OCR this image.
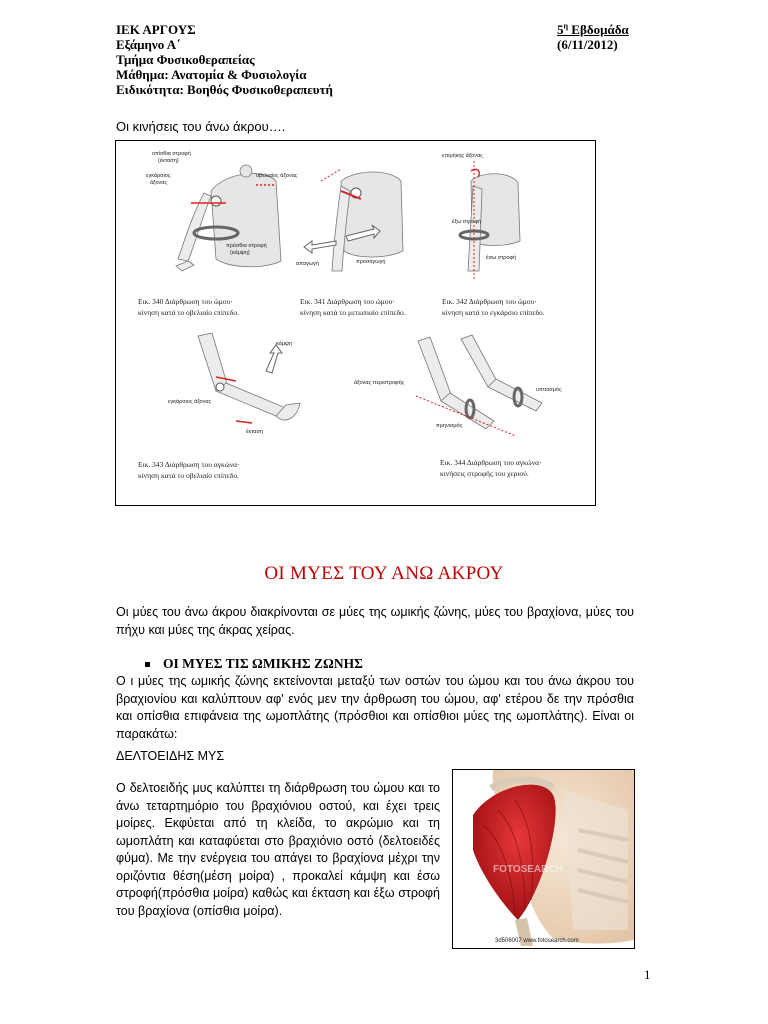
ΙΕΚ ΑΡΓΟΥΣ
Εξάμηνο Α΄
Τμήμα Φυσικοθεραπείας
Μάθημα: Ανατομία & Φυσιολογία
Ειδικότητα: Βοηθός Φυσικοθεραπευτή
$5^\eta$ Εβδομάδα
(6/11/2012)
Οι κινήσεις του άνω άκρου….
οπίσθια στροφή
(έκταση)
εγκάρσιος
άξονας
οβελιαίος άξονας
πρόσθια στροφή
(κάμψη)
Εικ. 340 Διάρθρωση του ώμου·
κίνηση κατά το οβελιαίο επίπεδο.
απαγωγή	προσαγωγή
Εικ. 341 Διάρθρωση του ώμου·
κίνηση κατά το μετωπιαίο επίπεδο.
επιμήκης άξονας
έξω στροφή
έσω στροφή
Εικ. 342 Διάρθρωση του ώμου·
κίνηση κατά το εγκάρσιο επίπεδο.
κάμψη
εγκάρσιος άξονας
έκταση
Εικ. 343 Διάρθρωση του αγκώνα·
κίνηση κατά το οβελιαίο επίπεδο.
άξονας περιστροφής
υπτιασμός
πρηνισμός
Εικ. 344 Διάρθρωση του αγκώνα·
κινήσεις στροφής του χεριού.
ΟΙ ΜΥΕΣ ΤΟΥ ΑΝΩ ΑΚΡΟΥ
Οι μύες του άνω άκρου διακρίνονται σε μύες της ωμικής ζώνης, μύες του βραχίονα, μύες του πήχυ και μύες της άκρας χείρας.
ΟΙ ΜΥΕΣ ΤΙΣ ΩΜΙΚΗΣ ΖΩΝΗΣ
Ο ι μύες της ωμικής ζώνης εκτείνονται μεταξύ των οστών του ώμου και του άνω άκρου του βραχιονίου και καλύπτουν αφ' ενός μεν την άρθρωση του ώμου, αφ' ετέρου δε την πρόσθια και οπίσθια επιφάνεια της ωμοπλάτης (πρόσθιοι και οπίσθιοι μύες της ωμοπλάτης). Είναι οι παρακάτω:
ΔΕΛΤΟΕΙΔΗΣ ΜΥΣ
Ο δελτοειδής μυς καλύπτει τη διάρθρωση του ώμου και το άνω τεταρτημόριο του βραχιόνιου οστού, και έχει τρεις μοίρες. Εκφύεται από τη κλείδα, το ακρώμιο και τη ωμοπλάτη και καταφύεται στο βραχιόνιο οστό (δελτοειδές φύμα). Με την ενέργεια του απάγει το βραχίονα μέχρι την οριζόντια θέση(μέση μοίρα) , προκαλεί κάμψη και έσω στροφή(πρόσθια μοίρα) καθώς και έκταση και έξω στροφή του βραχίονα (οπίσθια μοίρα).
FOTOSEARCH
3d506007 www.fotosearch.com
1
